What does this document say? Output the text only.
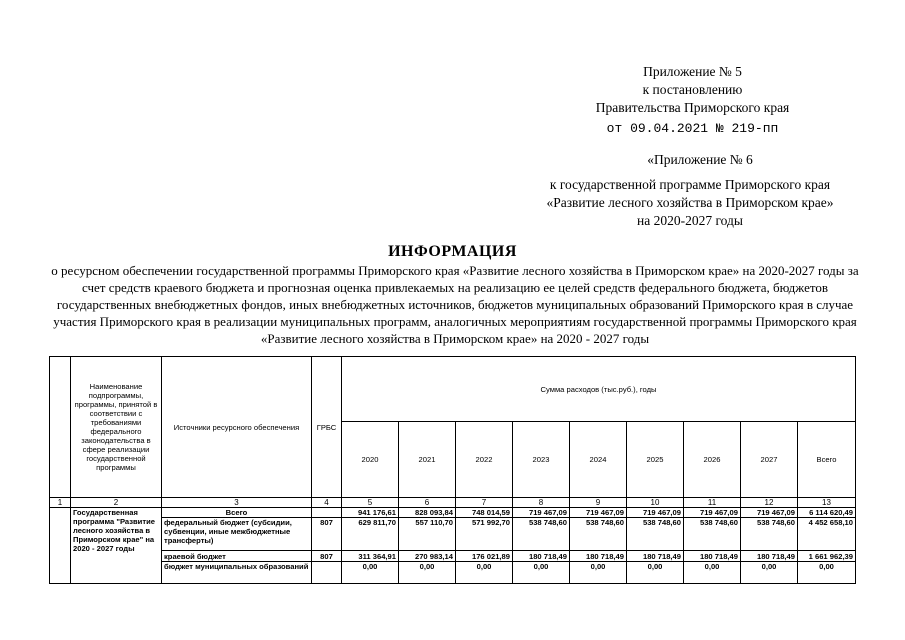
Приложение № 5
к постановлению
Правительства Приморского края
от 09.04.2021 № 219-пп
«Приложение № 6
к государственной программе Приморского края
«Развитие лесного хозяйства в Приморском крае»
на 2020-2027 годы
ИНФОРМАЦИЯ
о ресурсном обеспечении государственной программы Приморского края «Развитие лесного хозяйства в Приморском крае» на 2020-2027 годы за счет средств краевого бюджета и прогнозная оценка привлекаемых на реализацию ее целей средств федерального бюджета, бюджетов государственных внебюджетных фондов, иных внебюджетных источников, бюджетов муниципальных образований Приморского края в случае участия Приморского края в реализации муниципальных программ, аналогичных мероприятиям государственной программы Приморского края «Развитие лесного хозяйства в Приморском крае» на 2020 - 2027 годы
	Наименование подпрограммы, программы, принятой в соответствии с требованиями федерального законодательства в сфере реализации государственной программы	Источники ресурсного обеспечения	ГРБС	Сумма расходов (тыс.руб.), годы								
				2020	2021	2022	2023	2024	2025	2026	2027	Всего
1	2	3	4	5	6	7	8	9	10	11	12	13
	Государственная программа "Развитие лесного хозяйства в Приморском крае" на 2020 - 2027 годы	Всего		941 176,61	828 093,84	748 014,59	719 467,09	719 467,09	719 467,09	719 467,09	719 467,09	6 114 620,49
		федеральный бюджет (субсидии, субвенции, иные межбюджетные трансферты)	807	629 811,70	557 110,70	571 992,70	538 748,60	538 748,60	538 748,60	538 748,60	538 748,60	4 452 658,10
		краевой бюджет	807	311 364,91	270 983,14	176 021,89	180 718,49	180 718,49	180 718,49	180 718,49	180 718,49	1 661 962,39
		бюджет муниципальных образований		0,00	0,00	0,00	0,00	0,00	0,00	0,00	0,00	0,00
